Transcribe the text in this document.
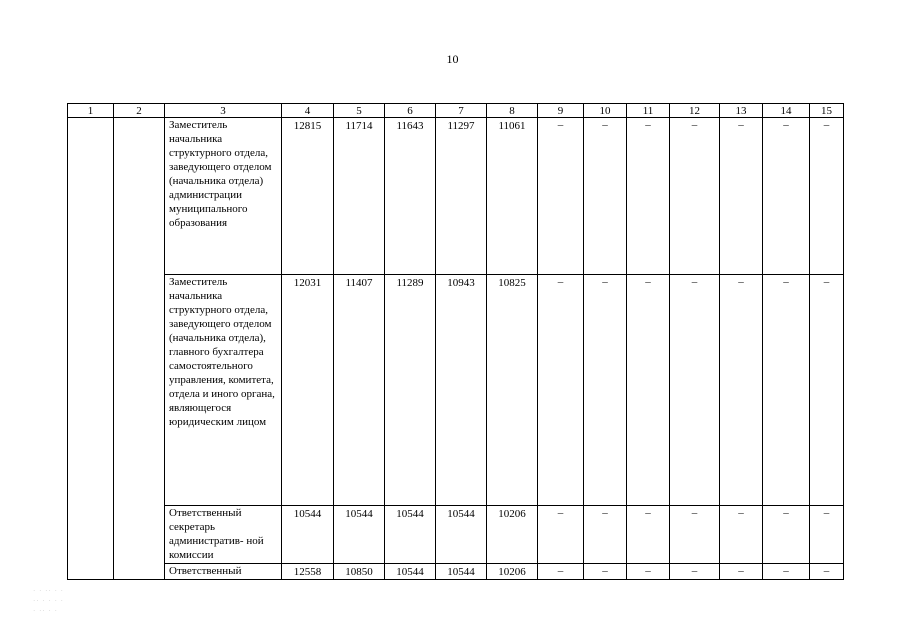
10
1	2	3	4	5	6	7	8	9	10	11	12	13	14	15
		Заместитель начальника структурного отдела, заведующего отделом (начальника отдела) администрации муниципального образования	12815	11714	11643	11297	11061	–	–	–	–	–	–	–
		Заместитель начальника структурного отдела, заведующего отделом (начальника отдела), главного бухгалтера самостоятельного управления, комитета, отдела и иного органа, являющегося юридическим лицом	12031	11407	11289	10943	10825	–	–	–	–	–	–	–
		Ответственный секретарь административ- ной комиссии	10544	10544	10544	10544	10206	–	–	–	–	–	–	–
		Ответственный	12558	10850	10544	10544	10206	–	–	–	–	–	–	–
· · ·· · ·
·· · · · ·
· ·· · ·
